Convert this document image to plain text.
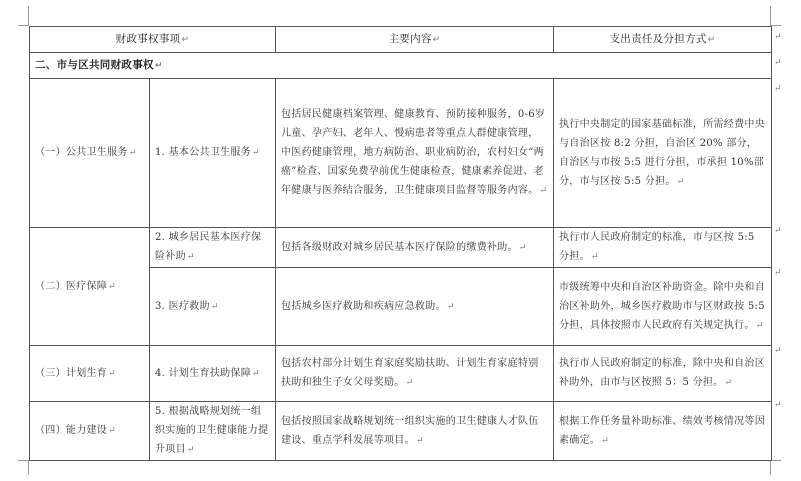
财政事权事项↵		主要内容↵	支出责任及分担方式↵
二、市与区共同财政事权↵			
（一）公共卫生服务↵	1. 基本公共卫生服务↵	包括居民健康档案管理、健康教育、预防接种服务，0-6岁儿童、孕产妇、老年人、慢病患者等重点人群健康管理，中医药健康管理，地方病防治、职业病防治，农村妇女“两癌”检查、国家免费孕前优生健康检查，健康素养促进、老年健康与医养结合服务，卫生健康项目监督等服务内容。↵	执行中央制定的国家基础标准，所需经费中央与自治区按 8:2 分担，自治区 20% 部分，自治区与市按 5:5 进行分担，市承担 10%部分，市与区按 5:5 分担。↵
（二）医疗保障↵	2. 城乡居民基本医疗保险补助↵	包括各级财政对城乡居民基本医疗保险的缴费补助。↵	执行市人民政府制定的标准，市与区按 5:5 分担。↵
	3. 医疗救助↵	包括城乡医疗救助和疾病应急救助。↵	市级统筹中央和自治区补助资金。除中央和自治区补助外，城乡医疗救助市与区财政按 5:5 分担，具体按照市人民政府有关规定执行。↵
（三）计划生育↵	4. 计划生育扶助保障↵	包括农村部分计划生育家庭奖励扶助、计划生育家庭特别扶助和独生子女父母奖励。↵	执行市人民政府制定的标准，除中央和自治区补助外，由市与区按照 5：5 分担。↵
（四）能力建设↵	5. 根据战略规划统一组织实施的卫生健康能力提升项目↵	包括按照国家战略规划统一组织实施的卫生健康人才队伍建设、重点学科发展等项目。↵	根据工作任务量补助标准、绩效考核情况等因素确定。↵
↵
↵
↵
↵
↵
↵
↵
